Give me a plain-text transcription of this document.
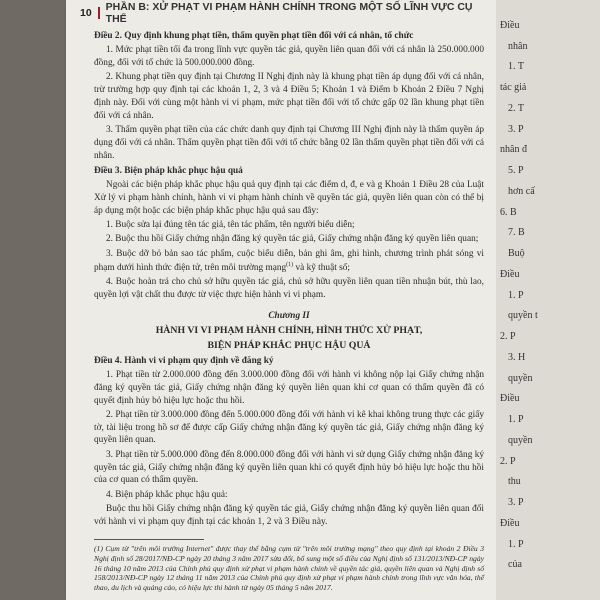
10 PHẦN B: XỬ PHẠT VI PHẠM HÀNH CHÍNH TRONG MỘT SỐ LĨNH VỰC CỤ THỂ

Điều 2. Quy định khung phạt tiền, thẩm quyền phạt tiền đối với cá nhân, tổ chức

1. Mức phạt tiền tối đa trong lĩnh vực quyền tác giả, quyền liên quan đối với cá nhân là 250.000.000 đồng, đối với tổ chức là 500.000.000 đồng.

2. Khung phạt tiền quy định tại Chương II Nghị định này là khung phạt tiền áp dụng đối với cá nhân, trừ trường hợp quy định tại các khoản 1, 2, 3 và 4 Điều 5; Khoản 1 và Điểm b Khoản 2 Điều 7 Nghị định này. Đối với cùng một hành vi vi phạm, mức phạt tiền đối với tổ chức gấp 02 lần khung phạt tiền đối với cá nhân.

3. Thẩm quyền phạt tiền của các chức danh quy định tại Chương III Nghị định này là thẩm quyền áp dụng đối với cá nhân. Thẩm quyền phạt tiền đối với tổ chức bằng 02 lần thẩm quyền phạt tiền đối với cá nhân.

Điều 3. Biện pháp khắc phục hậu quả

Ngoài các biện pháp khắc phục hậu quả quy định tại các điểm d, đ, e và g Khoản 1 Điều 28 của Luật Xử lý vi phạm hành chính, hành vi vi phạm hành chính về quyền tác giả, quyền liên quan còn có thể bị áp dụng một hoặc các biện pháp khắc phục hậu quả sau đây:

1. Buộc sửa lại đúng tên tác giả, tên tác phẩm, tên người biểu diễn;

2. Buộc thu hồi Giấy chứng nhận đăng ký quyền tác giả, Giấy chứng nhận đăng ký quyền liên quan;

3. Buộc dỡ bỏ bản sao tác phẩm, cuộc biểu diễn, bản ghi âm, ghi hình, chương trình phát sóng vi phạm dưới hình thức điện tử, trên môi trường mạng$^{(1)}$ và kỹ thuật số;

4. Buộc hoàn trả cho chủ sở hữu quyền tác giả, chủ sở hữu quyền liên quan tiền nhuận bút, thù lao, quyền lợi vật chất thu được từ việc thực hiện hành vi vi phạm.

Chương II

HÀNH VI VI PHẠM HÀNH CHÍNH, HÌNH THỨC XỬ PHẠT,

BIỆN PHÁP KHẮC PHỤC HẬU QUẢ

Điều 4. Hành vi vi phạm quy định về đăng ký

1. Phạt tiền từ 2.000.000 đồng đến 3.000.000 đồng đối với hành vi không nộp lại Giấy chứng nhận đăng ký quyền tác giả, Giấy chứng nhận đăng ký quyền liên quan khi cơ quan có thẩm quyền đã có quyết định hủy bỏ hiệu lực hoặc thu hồi.

2. Phạt tiền từ 3.000.000 đồng đến 5.000.000 đồng đối với hành vi kê khai không trung thực các giấy tờ, tài liệu trong hồ sơ để được cấp Giấy chứng nhận đăng ký quyền tác giả, Giấy chứng nhận đăng ký quyền liên quan.

3. Phạt tiền từ 5.000.000 đồng đến 8.000.000 đồng đối với hành vi sử dụng Giấy chứng nhận đăng ký quyền tác giả, Giấy chứng nhận đăng ký quyền liên quan khi có quyết định hủy bỏ hiệu lực hoặc thu hồi của cơ quan có thẩm quyền.

4. Biện pháp khắc phục hậu quả:

Buộc thu hồi Giấy chứng nhận đăng ký quyền tác giả, Giấy chứng nhận đăng ký quyền liên quan đối với hành vi vi phạm quy định tại các khoản 1, 2 và 3 Điều này.

(1) Cụm từ "trên môi trường Internet" được thay thế bằng cụm từ "trên môi trường mạng" theo quy định tại khoản 2 Điều 3 Nghị định số 28/2017/NĐ-CP ngày 20 tháng 3 năm 2017 sửa đổi, bổ sung một số điều của Nghị định số 131/2013/NĐ-CP ngày 16 tháng 10 năm 2013 của Chính phủ quy định xử phạt vi phạm hành chính về quyền tác giả, quyền liên quan và Nghị định số 158/2013/NĐ-CP ngày 12 tháng 11 năm 2013 của Chính phủ quy định xử phạt vi phạm hành chính trong lĩnh vực văn hóa, thể thao, du lịch và quảng cáo, có hiệu lực thi hành từ ngày 05 tháng 5 năm 2017.

Điều
nhân
1. T
tác giả
2. T
3. P
nhân đ
5. P
hơn cấ
6. B
7. B
Buộ
Điều
1. P
quyền t
2. P
3. H
quyền
Điều
1. P
quyền
2. P
thu
3. P
Điều
1. P
của
